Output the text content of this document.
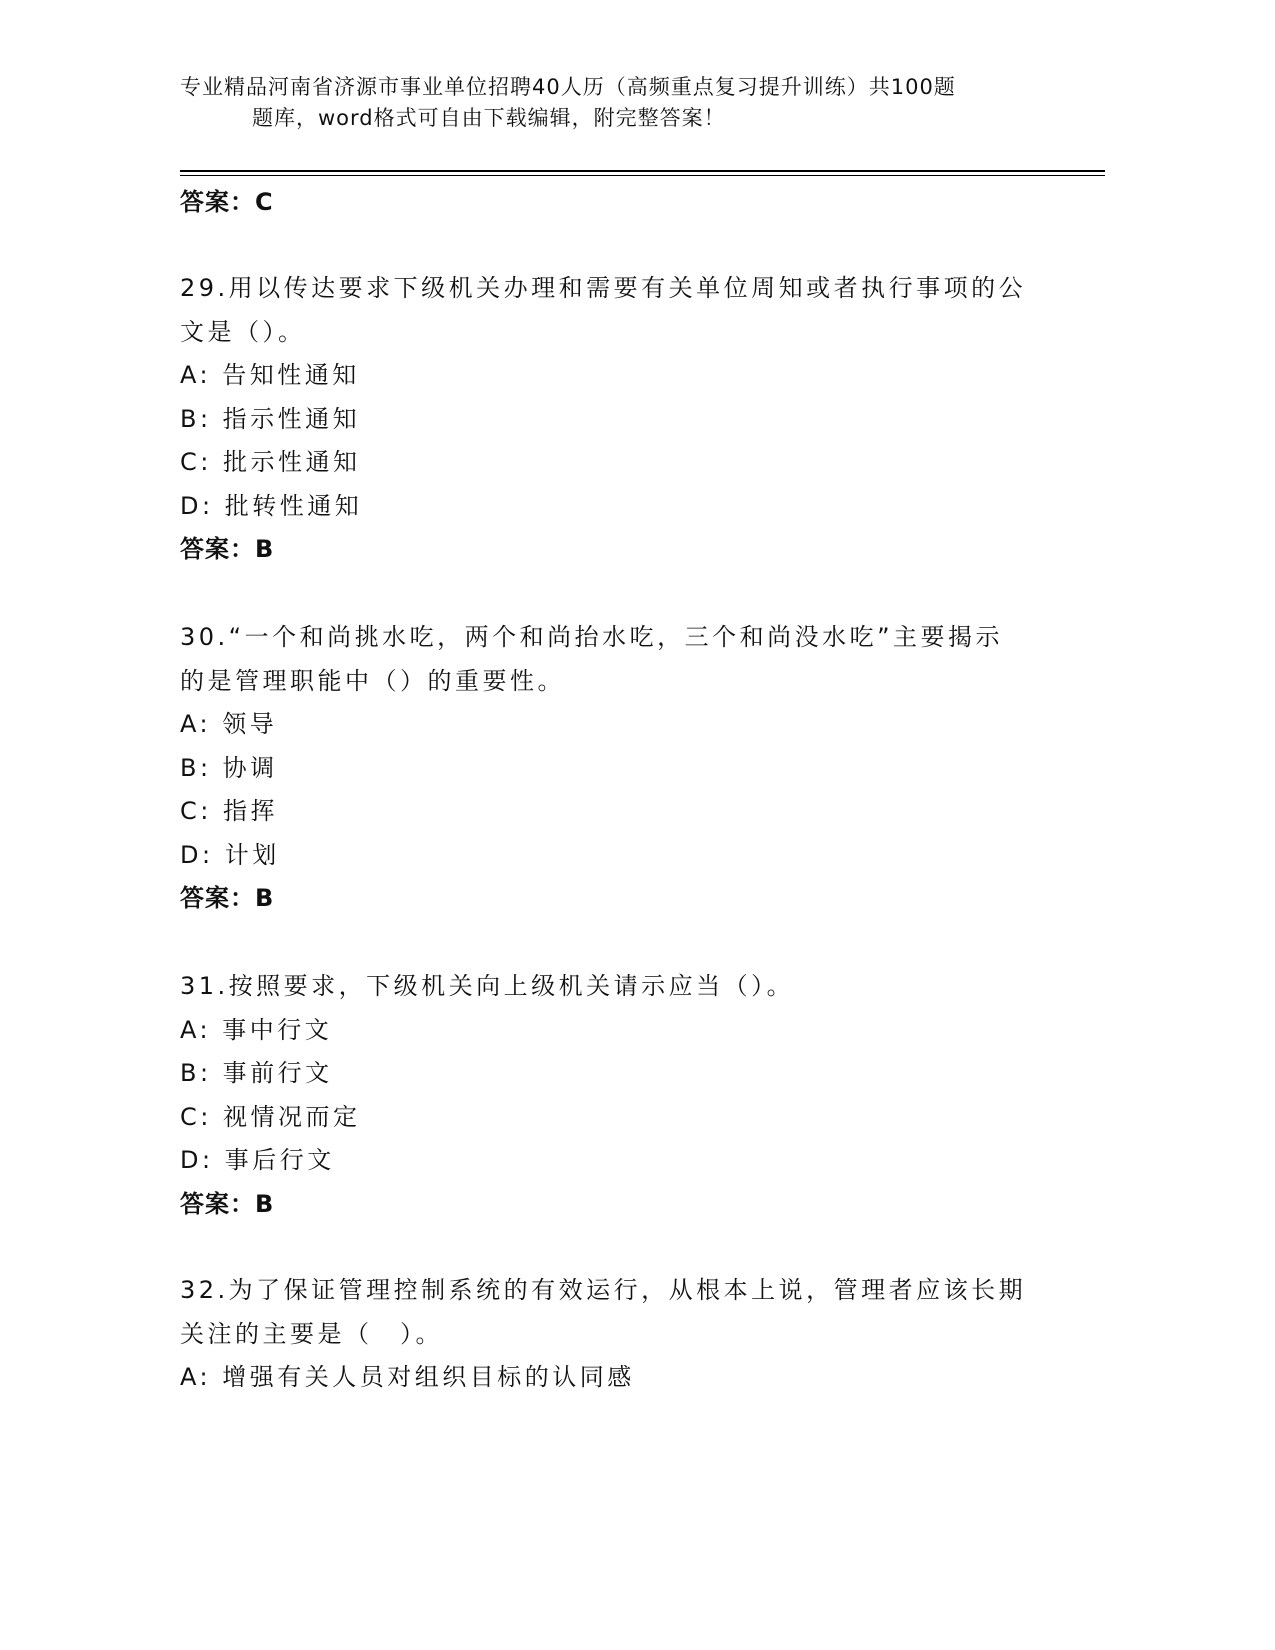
专业精品河南省济源市事业单位招聘40人历（高频重点复习提升训练）共100题
题库，word格式可自由下载编辑，附完整答案！
答案：C

29.用以传达要求下级机关办理和需要有关单位周知或者执行事项的公文是（）。

A: 告知性通知

B: 指示性通知

C: 批示性通知

D: 批转性通知

答案：B

30.“一个和尚挑水吃，两个和尚抬水吃，三个和尚没水吃”主要揭示的是管理职能中（）的重要性。

A: 领导

B: 协调

C: 指挥

D: 计划

答案：B

31.按照要求，下级机关向上级机关请示应当（）。

A: 事中行文

B: 事前行文

C: 视情况而定

D: 事后行文

答案：B

32.为了保证管理控制系统的有效运行，从根本上说，管理者应该长期关注的主要是（　）。

A: 增强有关人员对组织目标的认同感
